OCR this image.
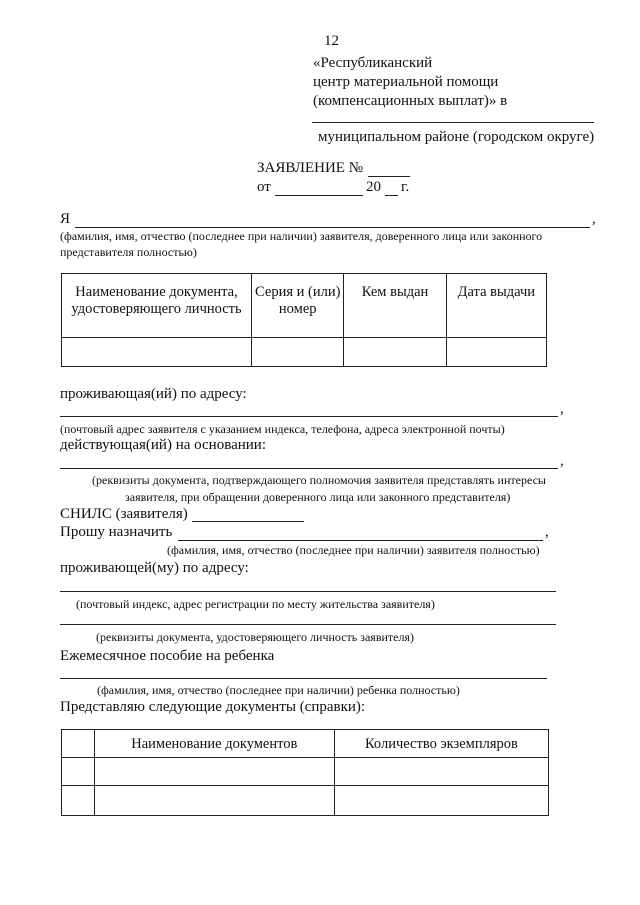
12
«Республиканский
центр материальной помощи
(компенсационных выплат)» в
муниципальном районе (городском округе)
ЗАЯВЛЕНИЕ №
от	20 г.
Я	,
(фамилия, имя, отчество (последнее при наличии) заявителя, доверенного лица или законного
представителя полностью)
Наименование документа, удостоверяющего личность	Серия и (или) номер	Кем выдан	Дата выдачи

проживающая(ий) по адресу:
,
(почтовый адрес заявителя с указанием индекса, телефона, адреса электронной почты)
действующая(ий) на основании:
,
(реквизиты документа, подтверждающего полномочия заявителя представлять интересы
заявителя, при обращении доверенного лица или законного представителя)
СНИЛС (заявителя)
Прошу назначить	,
(фамилия, имя, отчество (последнее при наличии) заявителя полностью)
проживающей(му) по адресу:
(почтовый индекс, адрес регистрации по месту жительства заявителя)
(реквизиты документа, удостоверяющего личность заявителя)
Ежемесячное пособие на ребенка
(фамилия, имя, отчество (последнее при наличии) ребенка полностью)
Представляю следующие документы (справки):
	Наименование документов	Количество экземпляров
